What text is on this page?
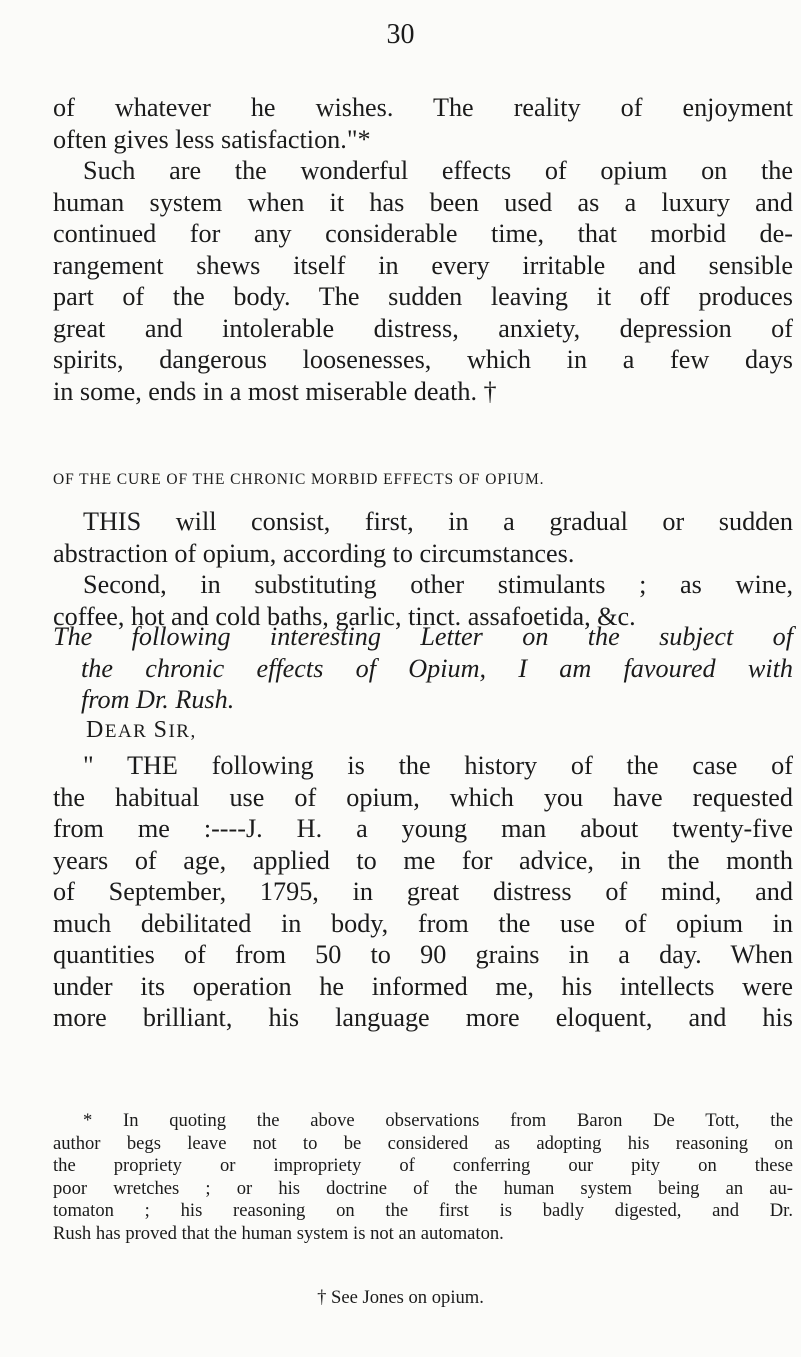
30
of whatever he wishes. The reality of enjoyment
often gives less satisfaction."*
Such are the wonderful effects of opium on the
human system when it has been used as a luxury and
continued for any considerable time, that morbid de-
rangement shews itself in every irritable and sensible
part of the body. The sudden leaving it off produces
great and intolerable distress, anxiety, depression of
spirits, dangerous loosenesses, which in a few days
in some, ends in a most miserable death. †
OF THE CURE OF THE CHRONIC MORBID EFFECTS OF OPIUM.
THIS will consist, first, in a gradual or sudden
abstraction of opium, according to circumstances.
Second, in substituting other stimulants ; as wine,
coffee, hot and cold baths, garlic, tinct. assafoetida, &c.
The following interesting Letter on the subject of
the chronic effects of Opium, I am favoured with
from Dr. Rush.
DEAR SIR,
" THE following is the history of the case of
the habitual use of opium, which you have requested
from me :----J. H. a young man about twenty-five
years of age, applied to me for advice, in the month
of September, 1795, in great distress of mind, and
much debilitated in body, from the use of opium in
quantities of from 50 to 90 grains in a day. When
under its operation he informed me, his intellects were
more brilliant, his language more eloquent, and his
* In quoting the above observations from Baron De Tott, the
author begs leave not to be considered as adopting his reasoning on
the propriety or impropriety of conferring our pity on these
poor wretches ; or his doctrine of the human system being an au-
tomaton ; his reasoning on the first is badly digested, and Dr.
Rush has proved that the human system is not an automaton.
† See Jones on opium.
